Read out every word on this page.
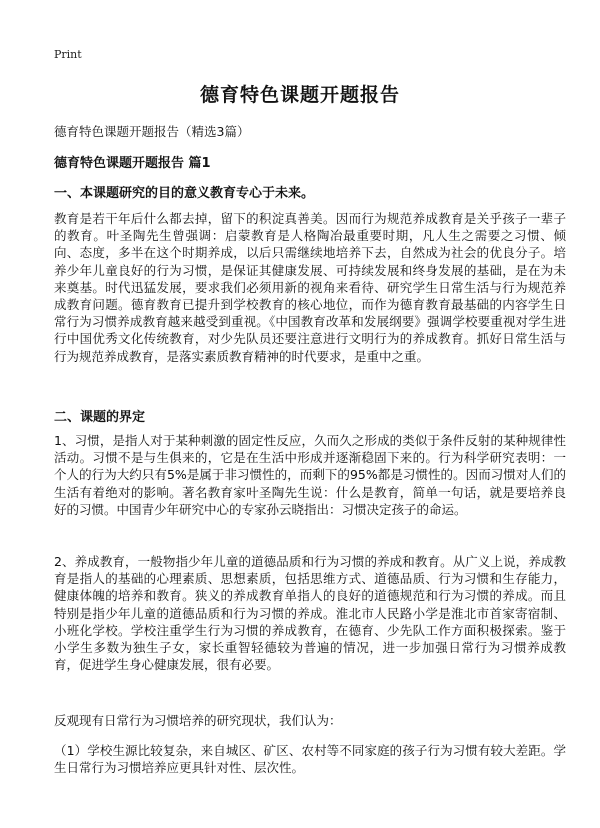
Print
德育特色课题开题报告
德育特色课题开题报告（精选3篇）
德育特色课题开题报告 篇1
一、本课题研究的目的意义教育专心于未来。

教育是若干年后什么都去掉，留下的积淀真善美。因而行为规范养成教育是关乎孩子一辈子的教育。叶圣陶先生曾强调：启蒙教育是人格陶冶最重要时期，凡人生之需要之习惯、倾向、态度，多半在这个时期养成，以后只需继续地培养下去，自然成为社会的优良分子。培养少年儿童良好的行为习惯，是保证其健康发展、可持续发展和终身发展的基础，是在为未来奠基。时代迅猛发展，要求我们必须用新的视角来看待、研究学生日常生活与行为规范养成教育问题。德育教育已提升到学校教育的核心地位，而作为德育教育最基础的内容学生日常行为习惯养成教育越来越受到重视。《中国教育改革和发展纲要》强调学校要重视对学生进行中国优秀文化传统教育，对少先队员还要注意进行文明行为的养成教育。抓好日常生活与行为规范养成教育，是落实素质教育精神的时代要求，是重中之重。

二、课题的界定

1、习惯，是指人对于某种刺激的固定性反应，久而久之形成的类似于条件反射的某种规律性活动。习惯不是与生俱来的，它是在生活中形成并逐渐稳固下来的。行为科学研究表明：一个人的行为大约只有5%是属于非习惯性的，而剩下的95%都是习惯性的。因而习惯对人们的生活有着绝对的影响。著名教育家叶圣陶先生说：什么是教育，简单一句话，就是要培养良好的习惯。中国青少年研究中心的专家孙云晓指出：习惯决定孩子的命运。

2、养成教育，一般物指少年儿童的道德品质和行为习惯的养成和教育。从广义上说，养成教育是指人的基础的心理素质、思想素质，包括思维方式、道德品质、行为习惯和生存能力，健康体魄的培养和教育。狭义的养成教育单指人的良好的道德规范和行为习惯的养成。而且特别是指少年儿童的道德品质和行为习惯的养成。淮北市人民路小学是淮北市首家寄宿制、小班化学校。学校注重学生行为习惯的养成教育，在德育、少先队工作方面积极探索。鉴于小学生多数为独生子女，家长重智轻德较为普遍的情况，进一步加强日常行为习惯养成教育，促进学生身心健康发展，很有必要。

反观现有日常行为习惯培养的研究现状，我们认为：

（1）学校生源比较复杂，来自城区、矿区、农村等不同家庭的孩子行为习惯有较大差距。学生日常行为习惯培养应更具针对性、层次性。
